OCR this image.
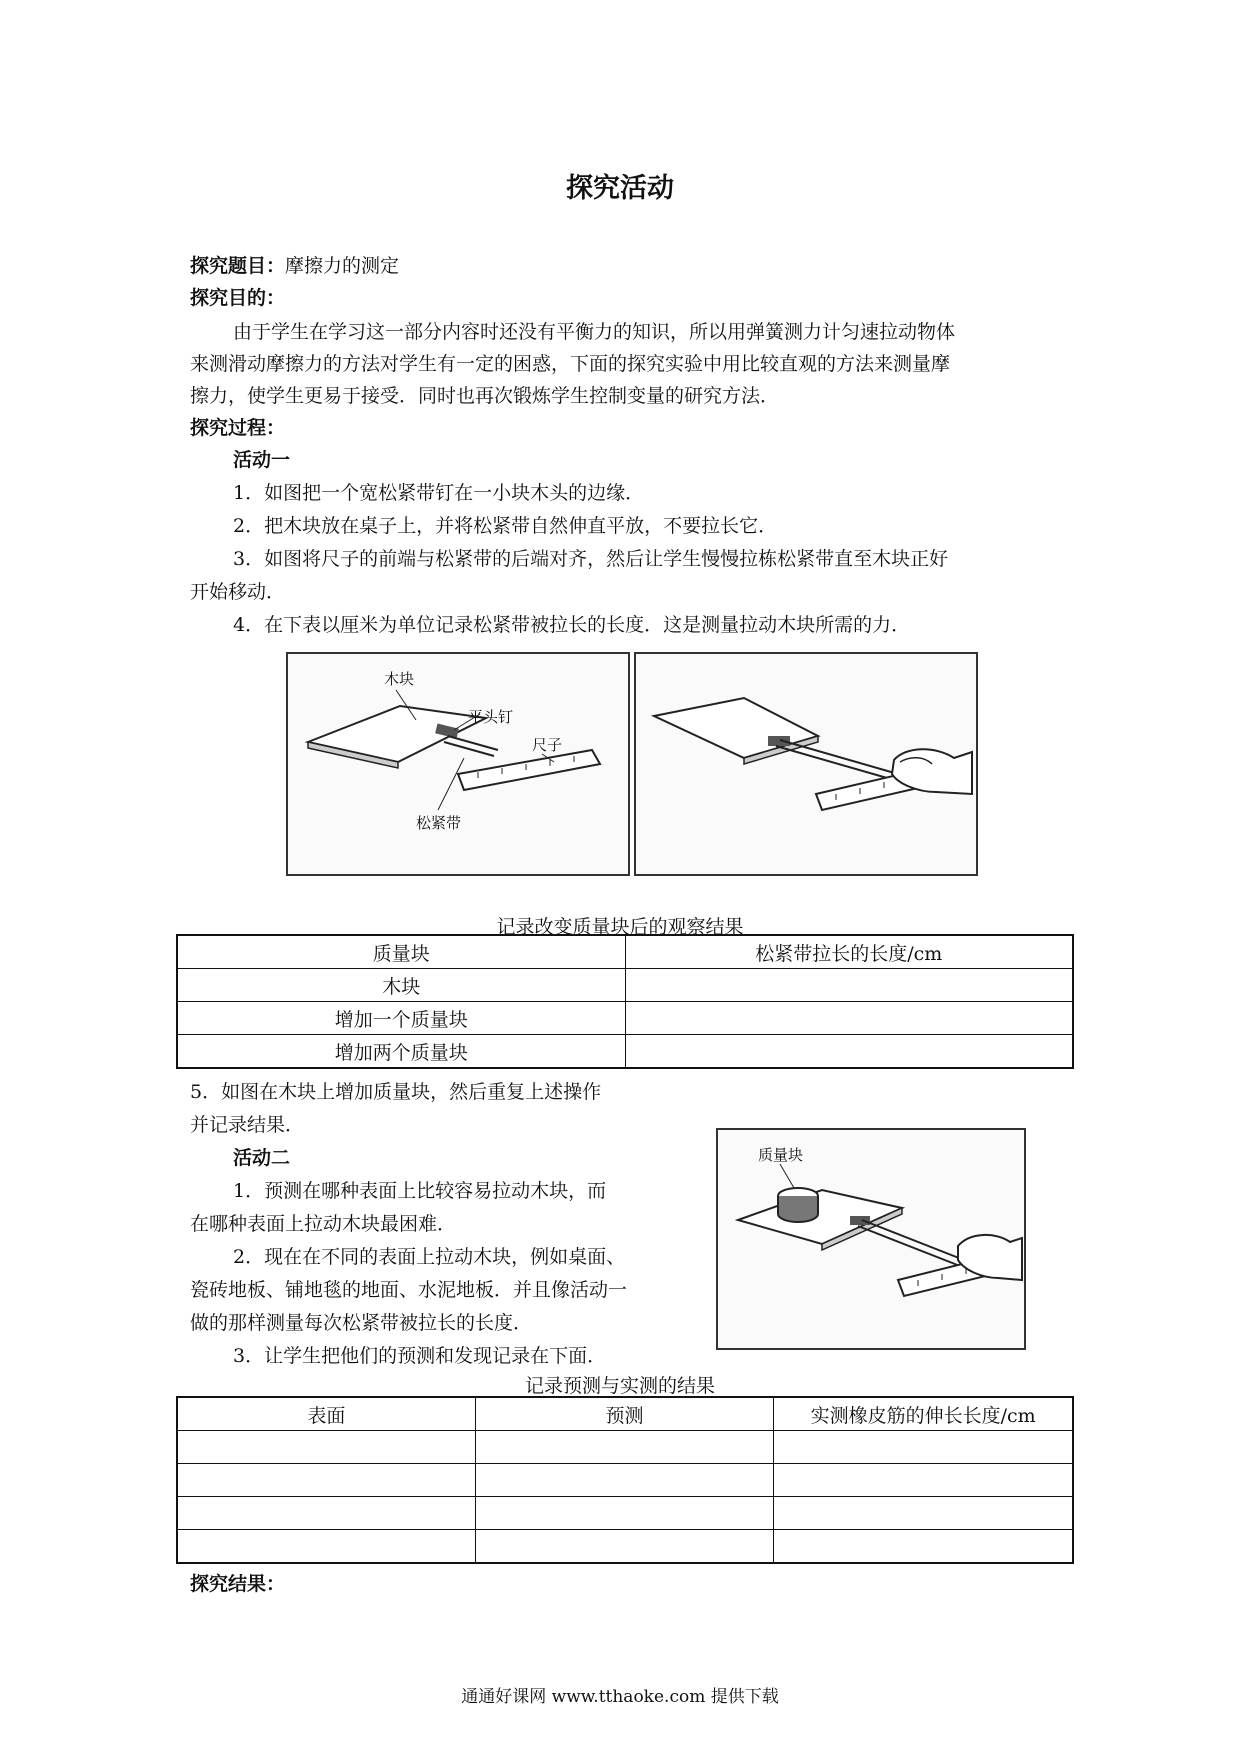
探究活动
探究题目：摩擦力的测定
探究目的：
由于学生在学习这一部分内容时还没有平衡力的知识，所以用弹簧测力计匀速拉动物体
来测滑动摩擦力的方法对学生有一定的困惑，下面的探究实验中用比较直观的方法来测量摩
擦力，使学生更易于接受．同时也再次锻炼学生控制变量的研究方法．
探究过程：
活动一
1．如图把一个宽松紧带钉在一小块木头的边缘．
2．把木块放在桌子上，并将松紧带自然伸直平放，不要拉长它．
3．如图将尺子的前端与松紧带的后端对齐，然后让学生慢慢拉栋松紧带直至木块正好
开始移动．
4．在下表以厘米为单位记录松紧带被拉长的长度．这是测量拉动木块所需的力．
木块
平头钉
松紧带
尺子
记录改变质量块后的观察结果
质量块	松紧带拉长的长度/cm
木块	
增加一个质量块	
增加两个质量块	
5．如图在木块上增加质量块，然后重复上述操作
并记录结果．
活动二
1．预测在哪种表面上比较容易拉动木块，而
在哪种表面上拉动木块最困难．
2．现在在不同的表面上拉动木块，例如桌面、
瓷砖地板、铺地毯的地面、水泥地板．并且像活动一
做的那样测量每次松紧带被拉长的长度．
3．让学生把他们的预测和发现记录在下面．
质量块
记录预测与实测的结果
表面	预测	实测橡皮筋的伸长长度/cm

探究结果：
通通好课网 www.tthaoke.com 提供下载
